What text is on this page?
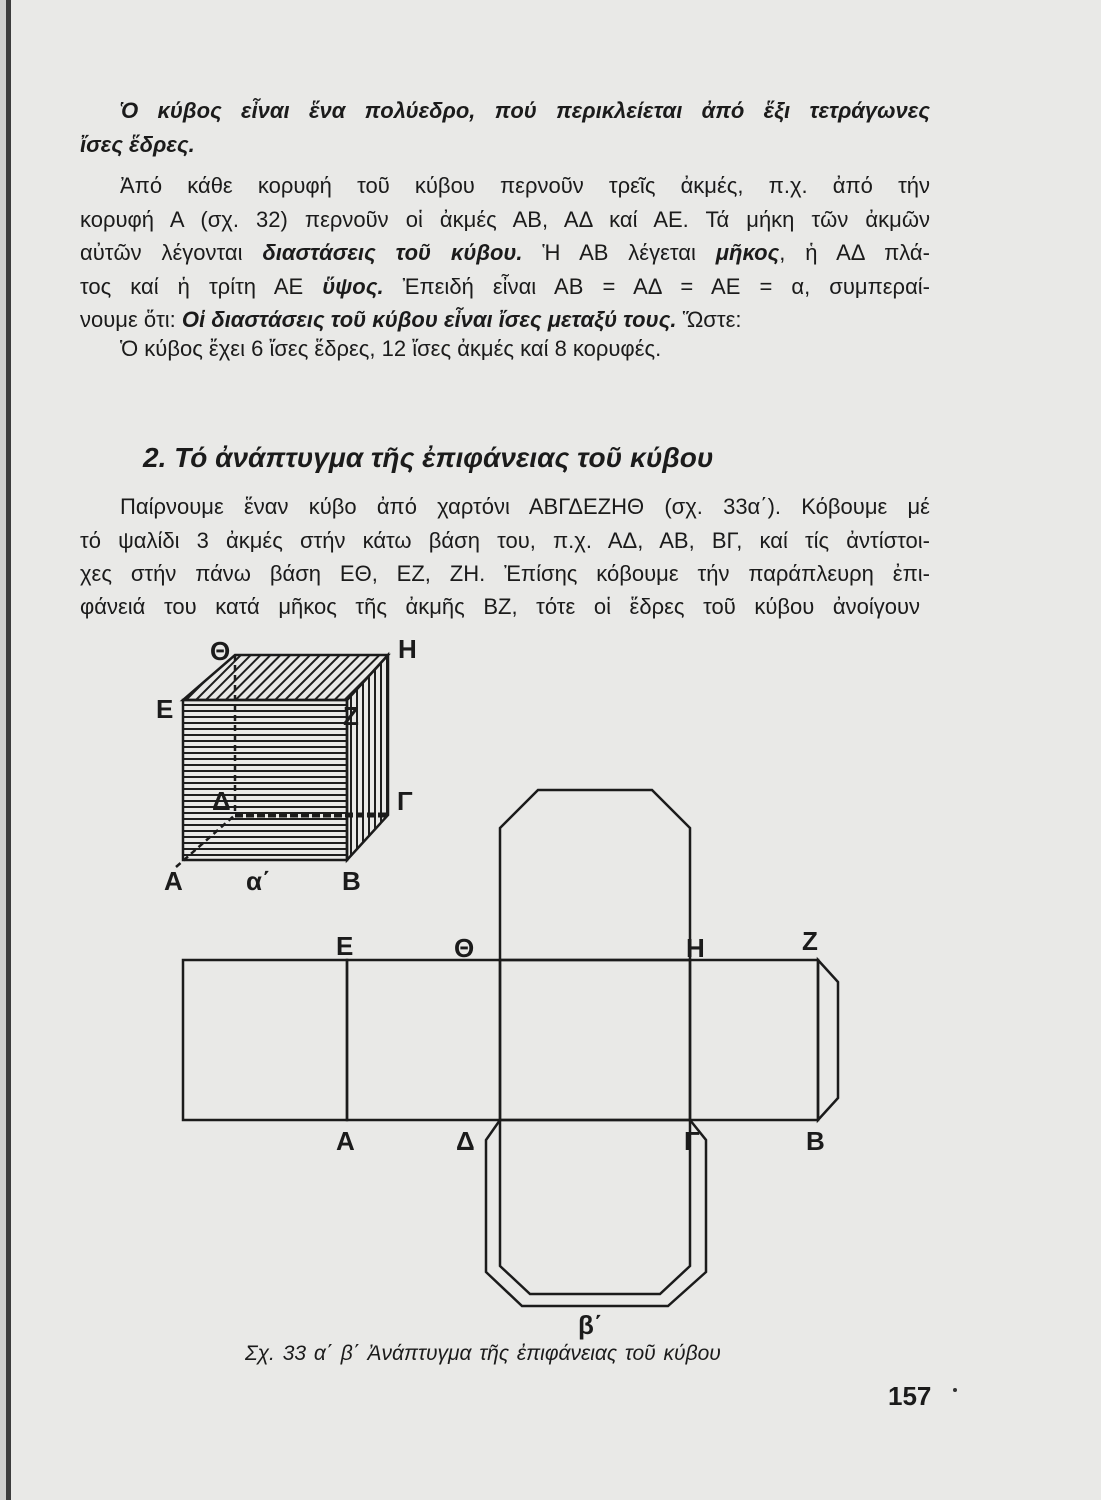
Ὁ κύβος εἶναι ἕνα πολύεδρο, πού περικλείεται ἀπό ἕξι τετράγωνες
ἴσες ἕδρες.
Ἀπό κάθε κορυφή τοῦ κύβου περνοῦν τρεῖς ἀκμές, π.χ. ἀπό τήν
κορυφή Α (σχ. 32) περνοῦν οἱ ἀκμές ΑΒ, ΑΔ καί ΑΕ. Τά μήκη τῶν ἀκμῶν
αὐτῶν λέγονται διαστάσεις τοῦ κύβου. Ἡ ΑΒ λέγεται μῆκος, ἡ ΑΔ πλά-
τος καί ἡ τρίτη ΑΕ ὕψος. Ἐπειδή εἶναι ΑΒ = ΑΔ = ΑΕ = α, συμπεραί-
νουμε ὅτι: Οἱ διαστάσεις τοῦ κύβου εἶναι ἴσες μεταξύ τους. Ὥστε:
Ὁ κύβος ἔχει 6 ἴσες ἕδρες, 12 ἴσες ἀκμές καί 8 κορυφές.
2. Τό ἀνάπτυγμα τῆς ἐπιφάνειας τοῦ κύβου
Παίρνουμε ἕναν κύβο ἀπό χαρτόνι ΑΒΓΔΕΖΗΘ (σχ. 33α΄). Κόβουμε μέ
τό ψαλίδι 3 ἀκμές στήν κάτω βάση του, π.χ. ΑΔ, ΑΒ, ΒΓ, καί τίς ἀντίστοι-
χες στήν πάνω βάση ΕΘ, ΕΖ, ΖΗ. Ἐπίσης κόβουμε τήν παράπλευρη ἐπι-
φάνειά του κατά μῆκος τῆς ἀκμῆς ΒΖ, τότε οἱ ἕδρες τοῦ κύβου ἀνοίγουν
Θ	Η
Ε	Ζ
Δ	Γ
Α α΄	Β
Ε	Θ	Η	Ζ
Α	Δ	Γ	Β
β΄
Σχ. 33 α΄ β΄ Ἀνάπτυγμα τῆς ἐπιφάνειας τοῦ κύβου
157
